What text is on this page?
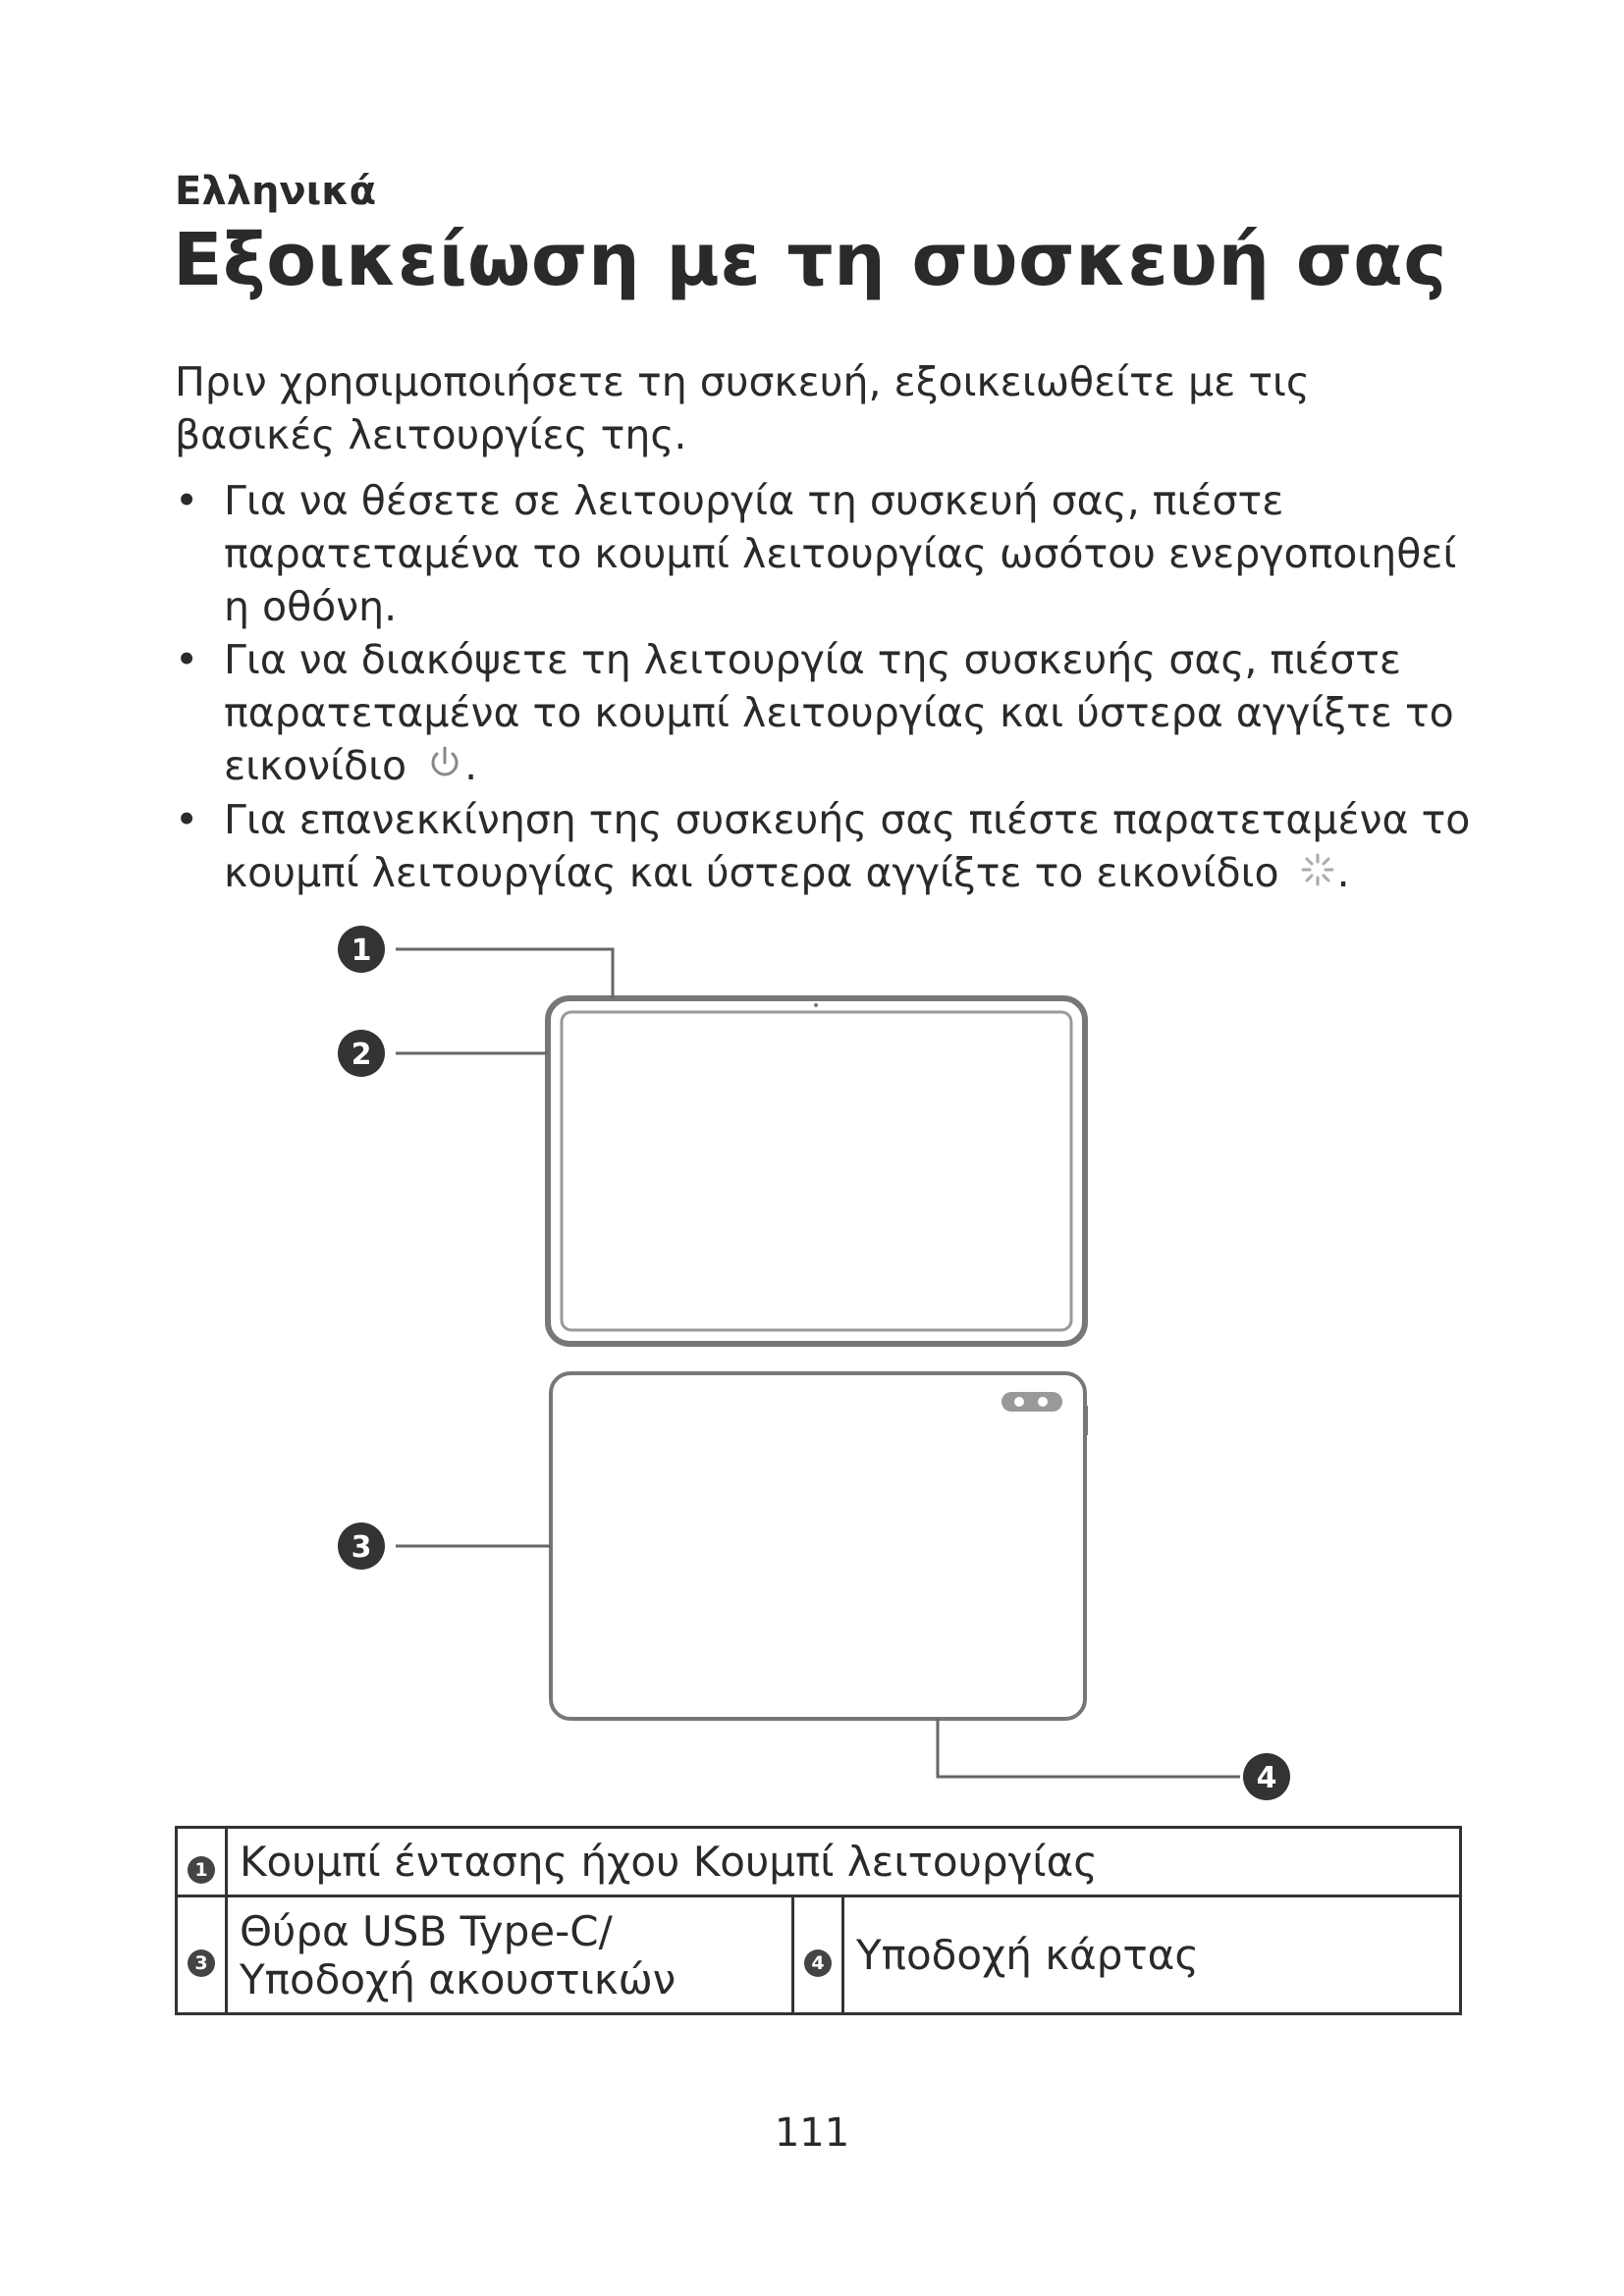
Ελληνικά
Εξοικείωση με τη συσκευή σας
Πριν χρησιμοποιήσετε τη συσκευή, εξοικειωθείτε με τις βασικές λειτουργίες της.
• Για να θέσετε σε λειτουργία τη συσκευή σας, πιέστε παρατεταμένα το κουμπί λειτουργίας ωσότου ενεργοποιηθεί η οθόνη.
• Για να διακόψετε τη λειτουργία της συσκευής σας, πιέστε παρατεταμένα το κουμπί λειτουργίας και ύστερα αγγίξτε το εικονίδιο .
• Για επανεκκίνηση της συσκευής σας πιέστε παρατεταμένα το κουμπί λειτουργίας και ύστερα αγγίξτε το εικονίδιο .
1
2
3
4
1	Κουμπί έντασης ήχου Κουμπί λειτουργίας		
3	Θύρα USB Type-C/Υποδοχή ακουστικών	4	Υποδοχή κάρτας
111
